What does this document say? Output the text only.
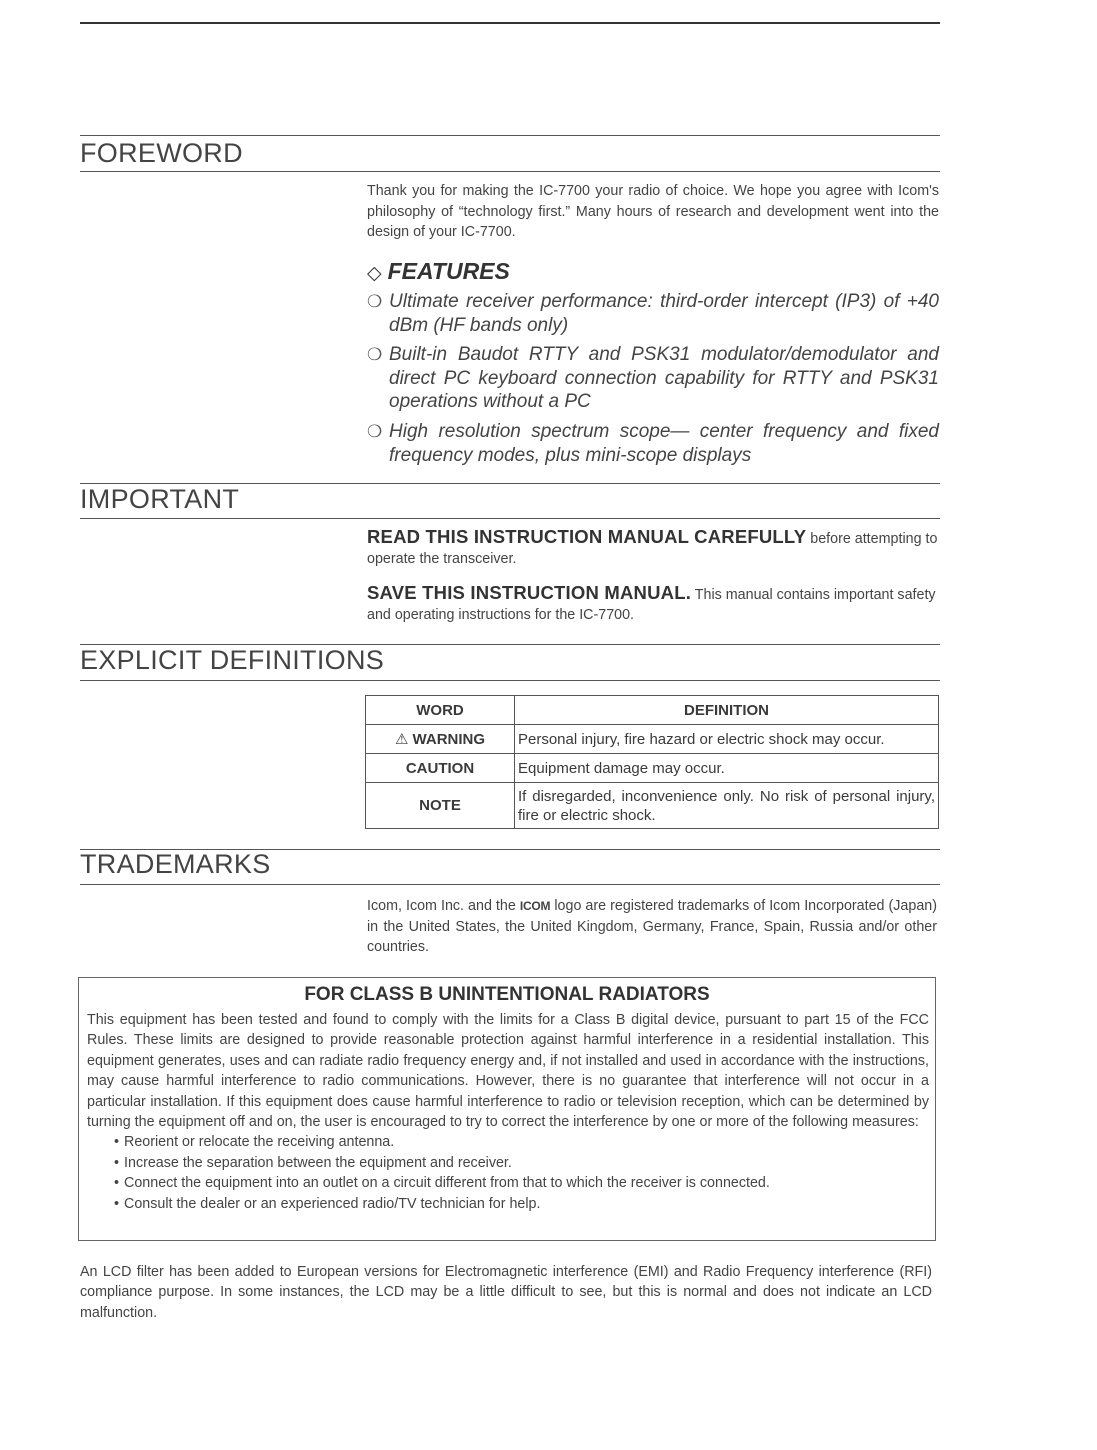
FOREWORD

Thank you for making the IC-7700 your radio of choice. We hope you agree with Icom's philosophy of “technology first.” Many hours of research and development went into the design of your IC-7700.

◇ FEATURES
❍ Ultimate receiver performance: third-order intercept (IP3) of +40 dBm (HF bands only)
❍ Built-in Baudot RTTY and PSK31 modulator/demodulator and direct PC keyboard connection capability for RTTY and PSK31 operations without a PC
❍ High resolution spectrum scope— center frequency and fixed frequency modes, plus mini-scope displays
IMPORTANT

READ THIS INSTRUCTION MANUAL CAREFULLY before attempting to operate the transceiver.

SAVE THIS INSTRUCTION MANUAL. This manual contains important safety and operating instructions for the IC-7700.

EXPLICIT DEFINITIONS
WORD	DEFINITION
⚠ WARNING	Personal injury, fire hazard or electric shock may occur.
CAUTION	Equipment damage may occur.
NOTE	If disregarded, inconvenience only. No risk of personal injury, fire or electric shock.
TRADEMARKS

Icom, Icom Inc. and the ICOM logo are registered trademarks of Icom Incorporated (Japan) in the United States, the United Kingdom, Germany, France, Spain, Russia and/or other countries.

FOR CLASS B UNINTENTIONAL RADIATORS
This equipment has been tested and found to comply with the limits for a Class B digital device, pursuant to part 15 of the FCC Rules. These limits are designed to provide reasonable protection against harmful interference in a residential installation. This equipment generates, uses and can radiate radio frequency energy and, if not installed and used in accordance with the instructions, may cause harmful interference to radio communications. However, there is no guarantee that interference will not occur in a particular installation. If this equipment does cause harmful interference to radio or television reception, which can be determined by turning the equipment off and on, the user is encouraged to try to correct the interference by one or more of the following measures:
• Reorient or relocate the receiving antenna.
• Increase the separation between the equipment and receiver.
• Connect the equipment into an outlet on a circuit different from that to which the receiver is connected.
• Consult the dealer or an experienced radio/TV technician for help.

An LCD filter has been added to European versions for Electromagnetic interference (EMI) and Radio Frequency interference (RFI) compliance purpose. In some instances, the LCD may be a little difficult to see, but this is normal and does not indicate an LCD malfunction.
